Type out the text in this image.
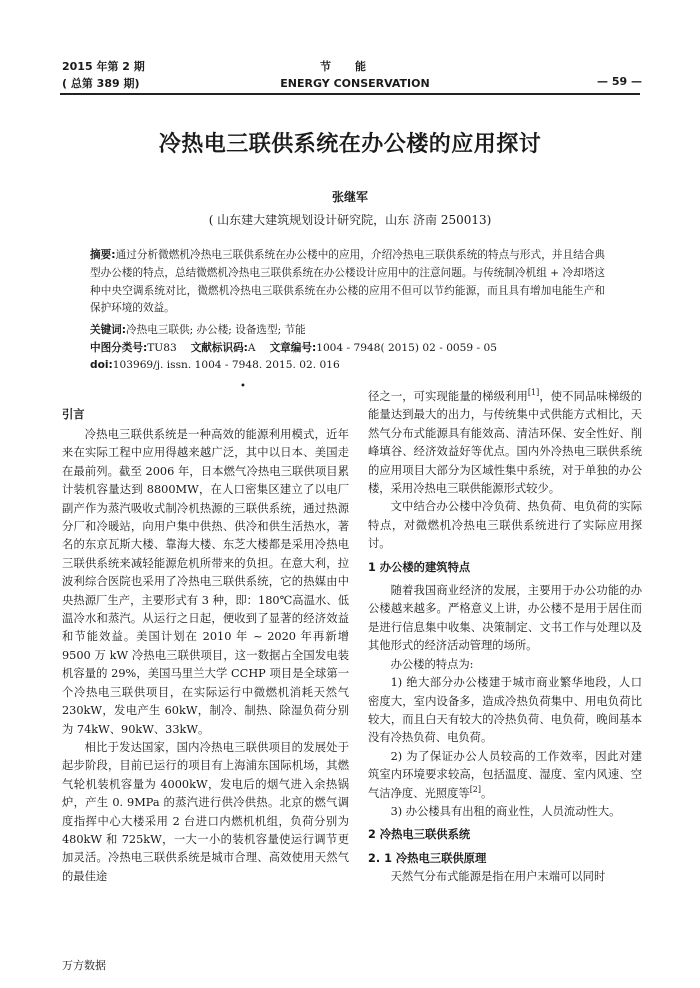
2015 年第 2 期
( 总第 389 期)
节能
ENERGY CONSERVATION	— 59 —
冷热电三联供系统在办公楼的应用探讨
张继军
( 山东建大建筑规划设计研究院，山东 济南 250013)
摘要:通过分析微燃机冷热电三联供系统在办公楼中的应用，介绍冷热电三联供系统的特点与形式，并且结合典型办公楼的特点，总结微燃机冷热电三联供系统在办公楼设计应用中的注意问题。与传统制冷机组 + 冷却塔这种中央空调系统对比，微燃机冷热电三联供系统在办公楼的应用不但可以节约能源，而且具有增加电能生产和保护环境的效益。
关键词:冷热电三联供; 办公楼; 设备选型; 节能
中图分类号:TU83 文献标识码:A 文章编号:1004 - 7948( 2015) 02 - 0059 - 05
doi:103969/j. issn. 1004 - 7948. 2015. 02. 016
•
引言

冷热电三联供系统是一种高效的能源利用模式，近年来在实际工程中应用得越来越广泛，其中以日本、美国走在最前列。截至 2006 年，日本燃气冷热电三联供项目累计装机容量达到 8800MW，在人口密集区建立了以电厂副产作为蒸汽吸收式制冷机热源的三联供系统，通过热源分厂和冷暖站，向用户集中供热、供冷和供生活热水，著名的东京瓦斯大楼、靠海大楼、东芝大楼都是采用冷热电三联供系统来减轻能源危机所带来的负担。在意大利，拉波利综合医院也采用了冷热电三联供系统，它的热媒由中央热源厂生产，主要形式有 3 种，即：180℃高温水、低温冷水和蒸汽。从运行之日起，便收到了显著的经济效益和节能效益。美国计划在 2010 年 ~ 2020 年再新增 9500 万 kW 冷热电三联供项目，这一数据占全国发电装机容量的 29%，美国马里兰大学 CCHP 项目是全球第一个冷热电三联供项目，在实际运行中微燃机消耗天然气 230kW，发电产生 60kW，制冷、制热、除湿负荷分别为 74kW、90kW、33kW。

相比于发达国家，国内冷热电三联供项目的发展处于起步阶段，目前已运行的项目有上海浦东国际机场，其燃气轮机装机容量为 4000kW，发电后的烟气进入余热锅炉，产生 0. 9MPa 的蒸汽进行供冷供热。北京的燃气调度指挥中心大楼采用 2 台进口内燃机机组，负荷分别为 480kW 和 725kW，一大一小的装机容量使运行调节更加灵活。冷热电三联供系统是城市合理、高效使用天然气的最佳途

径之一，可实现能量的梯级利用[1]，使不同品味梯级的能量达到最大的出力，与传统集中式供能方式相比，天然气分布式能源具有能效高、清洁环保、安全性好、削峰填谷、经济效益好等优点。国内外冷热电三联供系统的应用项目大部分为区域性集中系统，对于单独的办公楼，采用冷热电三联供能源形式较少。

文中结合办公楼中冷负荷、热负荷、电负荷的实际特点，对微燃机冷热电三联供系统进行了实际应用探讨。

1 办公楼的建筑特点

随着我国商业经济的发展，主要用于办公功能的办公楼越来越多。严格意义上讲，办公楼不是用于居住而是进行信息集中收集、决策制定、文书工作与处理以及其他形式的经济活动管理的场所。

办公楼的特点为:

1) 绝大部分办公楼建于城市商业繁华地段，人口密度大，室内设备多，造成冷热负荷集中、用电负荷比较大，而且白天有较大的冷热负荷、电负荷，晚间基本没有冷热负荷、电负荷。

2) 为了保证办公人员较高的工作效率，因此对建筑室内环境要求较高，包括温度、湿度、室内风速、空气洁净度、光照度等[2]。

3) 办公楼具有出租的商业性，人员流动性大。

2 冷热电三联供系统
2. 1 冷热电三联供原理

天然气分布式能源是指在用户末端可以同时

万方数据
